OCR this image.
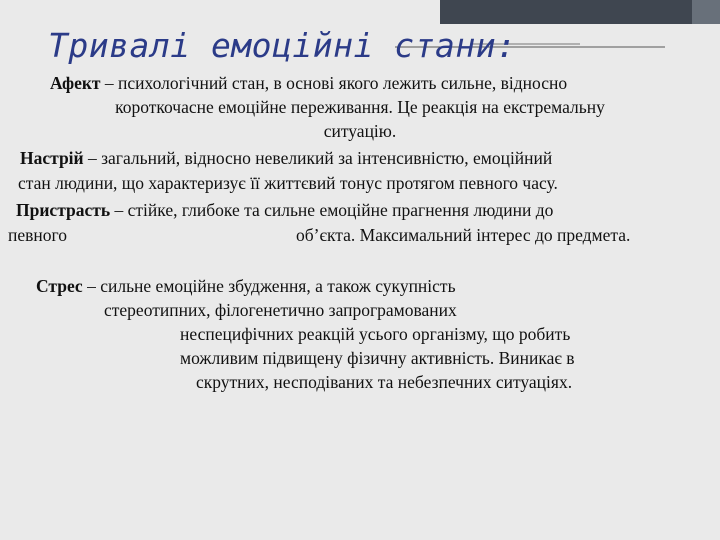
Тривалі емоційні стани:

Афект – психологічний стан, в основі якого лежить сильне, відносно

короткочасне емоційне переживання. Це реакція на екстремальну

ситуацію.

Настрій – загальний, відносно невеликий за інтенсивністю, емоційний

стан людини, що характеризує її життєвий тонус протягом певного часу.

Пристрасть – стійке, глибоке та сильне емоційне прагнення людини до

певного	об’єкта. Максимальний інтерес до предмета.

Стрес – сильне емоційне збудження, а також сукупність

стереотипних, філогенетично запрограмованих

неспецифічних реакцій усього організму, що робить

можливим підвищену фізичну активність. Виникає в

скрутних, несподіваних та небезпечних ситуаціях.
